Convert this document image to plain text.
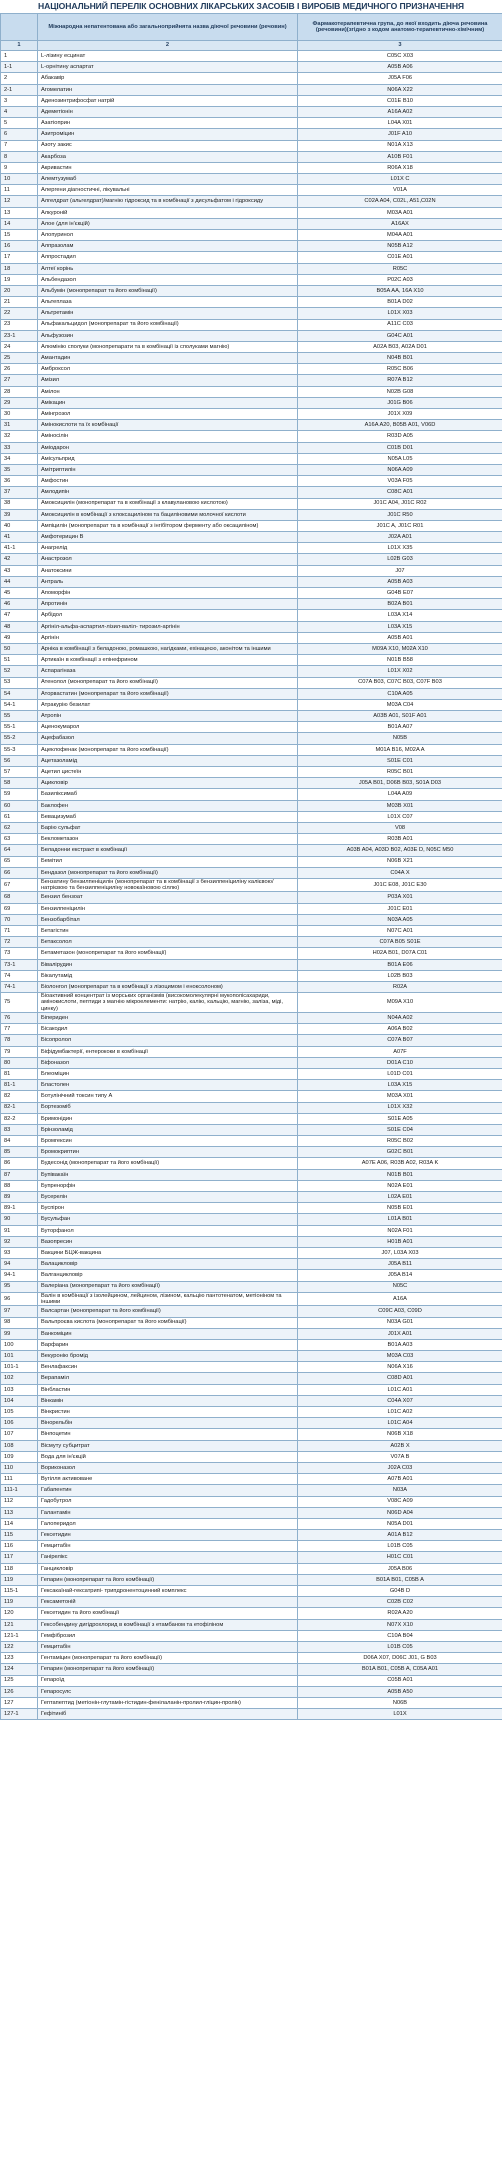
НАЦІОНАЛЬНИЙ ПЕРЕЛІК ОСНОВНИХ ЛІКАРСЬКИХ ЗАСОБІВ І ВИРОБІВ МЕДИЧНОГО ПРИЗНАЧЕННЯ
	Міжнародна непатентована або загальноприйнята назва діючої речовини (речовин)	Фармакотерапевтична група, до якої входить діюча речовина (речовини)(згідно з кодом анатомо-терапевтично-хімічним)
1	2	3
1	L-лізину есцинат	C05C X03
1-1	L-орнітину аспартат	A05B A06
2	Абакавір	J05A F06
2-1	Агомелатин	N06A X22
3	Аденозинтрифосфат натрій	C01E B10
4	Адеметіонін	A16A A02
5	Азатіоприн	L04A X01
6	Азитроміцин	J01F A10
7	Азоту закис	N01A X13
8	Акарбоза	A10B F01
9	Акривастин	R06A X18
10	Алемтузумаб	L01X C
11	Алергени діагностичні, лікувальні	V01A
12	Алгелдрат (альгелдрат)/магнію гідроксид та в комбінації з дисульфатом і гідроксиду	C02A A04, C02L, A51,C02N
13	Алкуроній	M03A A01
14	Алое (для ін'єкцій)	A16AX
15	Алопуринол	M04A A01
16	Алпразолам	N05B A12
17	Алпростадил	C01E A01
18	Алтеї корінь	R05C
19	Альбендазол	P02C A03
20	Альбумін (монопрепарат та його комбінації)	B05A AA, 16A X10
21	Альтеплаза	B01A D02
22	Альтретамін	L01X X03
23	Альфакальцидол (монопрепарат та його комбінації)	A11C C03
23-1	Альфузозин	G04C A01
24	Алюмінію сполуки (монопрепарати та в комбінації із сполуками магнію)	A02A B03, A02A D01
25	Амантадин	N04B B01
26	Амброксол	R05C B06
27	Амізил	R07A B12
28	Амілон	N02B G08
29	Амікацин	J01G B06
30	Амінгрозол	J01X X09
31	Амінокислоти та їх комбінації	A16A A20, B05B A01, V06D
32	Аміносілін	R03D A05
33	Аміодарон	C01B D01
34	Амісульприд	N05A L05
35	Амітриптилін	N06A A09
36	Амфостин	V03A F05
37	Амлодипін	C08C A01
38	Амоксицилін (монопрепарат та в комбінації з клавулановою кислотою)	J01C A04, J01C R02
39	Амоксицилін в комбінації з клоксациліном та бациліновими молочної кислоти	J01C R50
40	Ампіцилін (монопрепарат та в комбінації з інгібітором ферменту або оксациліном)	J01C A, J01C R01
41	Амфотерицин В	J02A A01
41-1	Анагрелід	L01X X35
42	Анастрозол	L02B G03
43	Анатоксини	J07
44	Антраль	A05B A03
45	Апоморфін	G04B E07
46	Апротинін	B02A B01
47	Арбідол	L03A X14
48	Аргініл-альфа-аспартил-лізил-валіл- тирозил-аргінін	L03A X15
49	Аргінін	A05B A01
50	Арніка в комбінації з беладоною, ромашкою, нагідками, ехінацеєю, аконітом та іншими	M09A X10, M02A X10
51	Артикаїн в комбінації з епінефрином	N01B B58
52	Аспарагіназа	L01X X02
53	Атенолол (монопрепарат та його комбінації)	C07A B03, C07C B03, C07F B03
54	Аторвастатин (монопрепарат та його комбінації)	C10A A05
54-1	Атракурію безилат	M03A C04
55	Атропін	A03B A01, S01F A01
55-1	Аценокумарол	B01A A07
55-2	Ацефабазол	N05B
55-3	Ацеклофенак (монопрепарат та його комбінації)	M01A B16, M02A A
56	Ацетазоламід	S01E C01
57	Ацетил цистеїн	R05C B01
58	Ацикловір	J05A B01, D06B B03, S01A D03
59	Базиліксимаб	L04A A09
60	Баклофен	M03B X01
61	Бевацизумаб	L01X C07
62	Барію сульфат	V08
63	Беклометазон	R03B A01
64	Беладонни екстракт в комбінації	A03B A04, A03D B02, A03E D, N05C M50
65	Бемітил	N06B X21
66	Бендазол (монопрепарат та його комбінації)	C04A X
67	Бензатину бензилпеніцилін (монопрепарат та в комбінації з бензилпеніциліну калієвою/натрієвою та бензилпеніциліну новокаїновою сіллю)	J01C E08, J01C E30
68	Бензил бензоат	P03A X01
69	Бензилпеніцилін	J01C E01
70	Бензобарбітал	N03A A05
71	Бетагістин	N07C A01
72	Бетаксолол	C07A B05 S01E
73	Бетаметазон (монопрепарат та його комбінації)	H02A B01, D07A C01
73-1	Бівалірудин	B01A E06
74	Бікалутамід	L02B B03
74-1	Біолонгол (монопрепарат та в комбінації з лізоцимом і еноксолоном)	R02A
75	Біоактивний концентрат із морських організмів (високомолекулярні мукополісахариди, амінокислоти, пептиди з магнію мікроелементи: натрію, калію, кальцію, магнію, заліза, міді, цинку)	M09A X10
76	Біпериден	N04A A02
77	Бісакодил	A06A B02
78	Бісопролол	C07A B07
79	Біфідумбактерії, ентерококи в комбінації	A07F
80	Біфоназол	D01A C10
81	Блеоміцин	L01D C01
81-1	Бластолен	L03A X15
82	Ботулінічний токсин типу A	M03A X01
82-1	Бортезоміб	L01X X32
82-2	Бримонідин	S01E A05
83	Брінзоламід	S01E C04
84	Бромгексин	R05C B02
85	Бромокриптин	G02C B01
86	Будесонід (монопрепарат та його комбінації)	A07E A06, R03B A02, R03A K
87	Бупівакаїн	N01B B01
88	Бупренорфін	N02A E01
89	Бусерелін	L02A E01
89-1	Буспірон	N05B E01
90	Бусульфан	L01A B01
91	Буторфанол	N02A F01
92	Вазопресин	H01B A01
93	Вакцини БЦЖ-вакцина	J07, L03A X03
94	Валацикловір	J05A B11
94-1	Валганцикловір	J05A B14
95	Валеріана (монопрепарат та його комбінації)	N05C
96	Валін в комбінації з ізолейцином, лейцином, лізином, кальцію пантотенатом, метіоніном та іншими	A16A
97	Валсартан (монопрепарат та його комбінації)	C09C A03, C09D
98	Вальпроєва кислота (монопрепарат та його комбінації)	N03A G01
99	Ванкоміцин	J01X A01
100	Варфарин	B01A A03
101	Векуронію бромід	M03A C03
101-1	Венлафаксин	N06A X16
102	Верапаміл	C08D A01
103	Вінбластин	L01C A01
104	Вінкамін	C04A X07
105	Вінкристин	L01C A02
106	Вінорельбін	L01C A04
107	Вінпоцетин	N06B X18
108	Вісмуту субцитрат	A02B X
109	Вода для ін'єкцій	V07A B
110	Вориконазол	J02A C03
111	Вугілля активоване	A07B A01
111-1	Габапентин	N03A
112	Гадобутрол	V08C A09
113	Галантамін	N06D A04
114	Галоперидол	N05A D01
115	Гексетидин	A01A B12
116	Гемцитабін	L01B C05
117	Ганірелікс	H01C C01
118	Ганцикловір	J05A B06
119	Гепарин (монопрепарат та його комбінації)	B01A B01, C05B A
115-1	Гексакаїнай-гексатрипі- трипдронентоцинний комплекс	G04B D
119	Гексаметоній	C02B C02
120	Гексетидин та його комбінації	R02A A20
121	Гексобендину дигідрохлорид в комбінації з етамбаном та етофіліном	N07X X10
121-1	Гемфіброзил	C10A B04
122	Гемцитабін	L01B C05
123	Гентаміцин (монопрепарат та його комбінації)	D06A X07, D06C J01, G B03
124	Гепарин (монопрепарат та його комбінації)	B01A B01, C05B A, C05A A01
125	Гепароїд	C05B A01
126	Гепаросулс	A05B A50
127	Гептапептид (метіонін-глутамін-гістидин-фенілаланін-пролил-гліцин-пролін)	N06B
127-1	Гефітиніб	L01X
